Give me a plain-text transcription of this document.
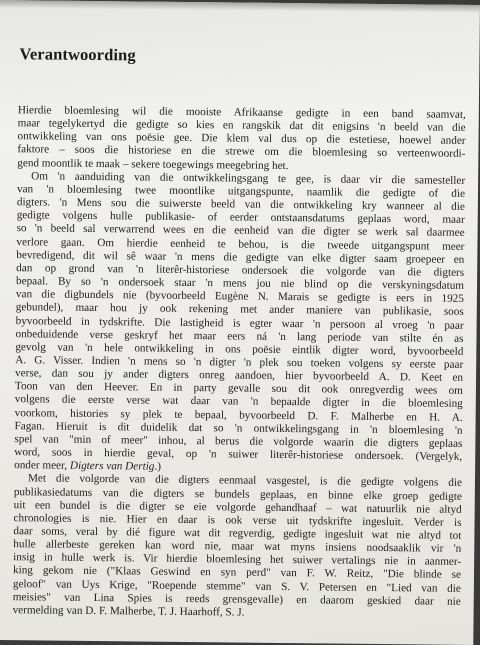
Verantwoording
Hierdie bloemlesing wil die mooiste Afrikaanse gedigte in een band saamvat,
maar tegelykertyd die gedigte so kies en rangskik dat dit enigsins 'n beeld van die
ontwikkeling van ons poësie gee. Die klem val dus op die estetiese, hoewel ander
faktore – soos die historiese en die strewe om die bloemlesing so verteenwoordi-
gend moontlik te maak – sekere toegewings meegebring het.
Om 'n aanduiding van die ontwikkelingsgang te gee, is daar vir die samesteller
van 'n bloemlesing twee moontlike uitgangspunte, naamlik die gedigte of die
digters. 'n Mens sou die suiwerste beeld van die ontwikkeling kry wanneer al die
gedigte volgens hulle publikasie- of eerder ontstaansdatums geplaas word, maar
so 'n beeld sal verwarrend wees en die eenheid van die digter se werk sal daarmee
verlore gaan. Om hierdie eenheid te behou, is die tweede uitgangspunt meer
bevredigend, dit wil sê waar 'n mens die gedigte van elke digter saam groepeer en
dan op grond van 'n literêr-historiese ondersoek die volgorde van die digters
bepaal. By so 'n ondersoek staar 'n mens jou nie blind op die verskyningsdatum
van die digbundels nie (byvoorbeeld Eugène N. Marais se gedigte is eers in 1925
gebundel), maar hou jy ook rekening met ander maniere van publikasie, soos
byvoorbeeld in tydskrifte. Die lastigheid is egter waar 'n persoon al vroeg 'n paar
onbeduidende verse geskryf het maar eers ná 'n lang periode van stilte én as
gevolg van 'n hele ontwikkeling in ons poësie eintlik digter word, byvoorbeeld
A. G. Visser. Indien 'n mens so 'n digter 'n plek sou toeken volgens sy eerste paar
verse, dan sou jy ander digters onreg aandoen, hier byvoorbeeld A. D. Keet en
Toon van den Heever. En in party gevalle sou dit ook onregverdig wees om
volgens die eerste verse wat daar van 'n bepaalde digter in die bloemlesing
voorkom, histories sy plek te bepaal, byvoorbeeld D. F. Malherbe en H. A.
Fagan. Hieruit is dit duidelik dat so 'n ontwikkelingsgang in 'n bloemlesing 'n
spel van "min of meer" inhou, al berus die volgorde waarin die digters geplaas
word, soos in hierdie geval, op 'n suiwer literêr-historiese ondersoek. (Vergelyk,
onder meer, Digters van Dertig.)
Met die volgorde van die digters eenmaal vasgestel, is die gedigte volgens die
publikasiedatums van die digters se bundels geplaas, en binne elke groep gedigte
uit een bundel is die digter se eie volgorde gehandhaaf – wat natuurlik nie altyd
chronologies is nie. Hier en daar is ook verse uit tydskrifte ingesluit. Verder is
daar soms, veral by dié figure wat dit regverdig, gedigte ingesluit wat nie altyd tot
hulle allerbeste gereken kan word nie, maar wat myns insiens noodsaaklik vir 'n
insig in hulle werk is. Vir hierdie bloemlesing het suiwer vertalings nie in aanmer-
king gekom nie ("Klaas Geswind en syn perd" van F. W. Reitz, "Die blinde se
geloof" van Uys Krige, "Roepende stemme" van S. V. Petersen en "Lied van die
meisies" van Lina Spies is reeds grensgevalle) en daarom geskied daar nie
vermelding van D. F. Malherbe, T. J. Haarhoff, S. J.
